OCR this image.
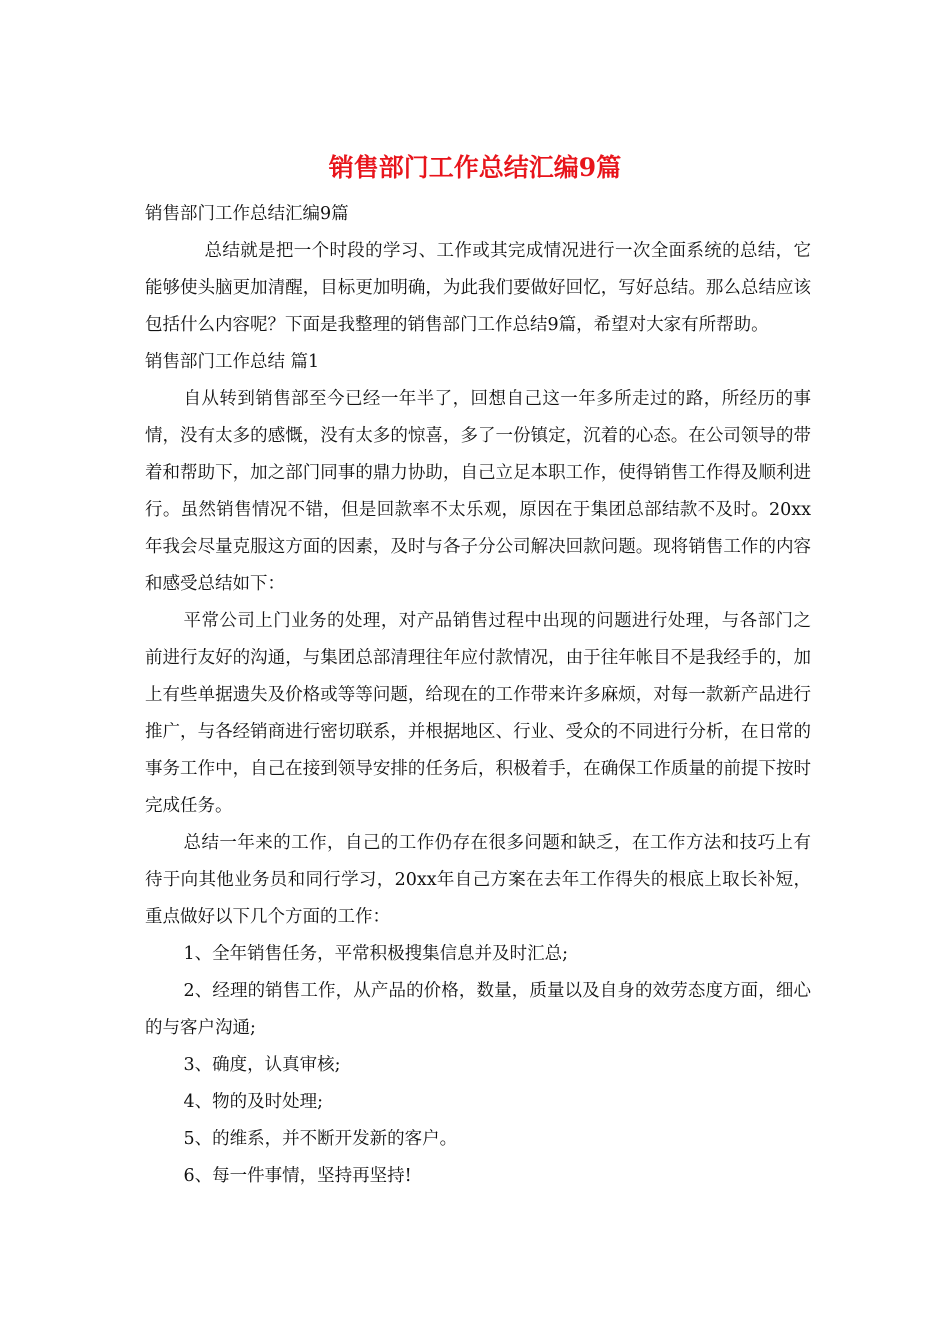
销售部门工作总结汇编9篇

销售部门工作总结汇编9篇

总结就是把一个时段的学习、工作或其完成情况进行一次全面系统的总结，它能够使头脑更加清醒，目标更加明确，为此我们要做好回忆，写好总结。那么总结应该包括什么内容呢？下面是我整理的销售部门工作总结9篇，希望对大家有所帮助。

销售部门工作总结 篇1

自从转到销售部至今已经一年半了，回想自己这一年多所走过的路，所经历的事情，没有太多的感慨，没有太多的惊喜，多了一份镇定，沉着的心态。在公司领导的带着和帮助下，加之部门同事的鼎力协助，自己立足本职工作，使得销售工作得及顺利进行。虽然销售情况不错，但是回款率不太乐观，原因在于集团总部结款不及时。20xx年我会尽量克服这方面的因素，及时与各子分公司解决回款问题。现将销售工作的内容和感受总结如下：

平常公司上门业务的处理，对产品销售过程中出现的问题进行处理，与各部门之前进行友好的沟通，与集团总部清理往年应付款情况，由于往年帐目不是我经手的，加上有些单据遗失及价格或等等问题，给现在的工作带来许多麻烦，对每一款新产品进行推广，与各经销商进行密切联系，并根据地区、行业、受众的不同进行分析，在日常的事务工作中，自己在接到领导安排的任务后，积极着手，在确保工作质量的前提下按时完成任务。

总结一年来的工作，自己的工作仍存在很多问题和缺乏，在工作方法和技巧上有待于向其他业务员和同行学习，20xx年自己方案在去年工作得失的根底上取长补短，重点做好以下几个方面的工作：

1、全年销售任务，平常积极搜集信息并及时汇总;

2、经理的销售工作，从产品的价格，数量，质量以及自身的效劳态度方面，细心的与客户沟通;

3、确度，认真审核;

4、物的及时处理;

5、的维系，并不断开发新的客户。

6、每一件事情，坚持再坚持!
